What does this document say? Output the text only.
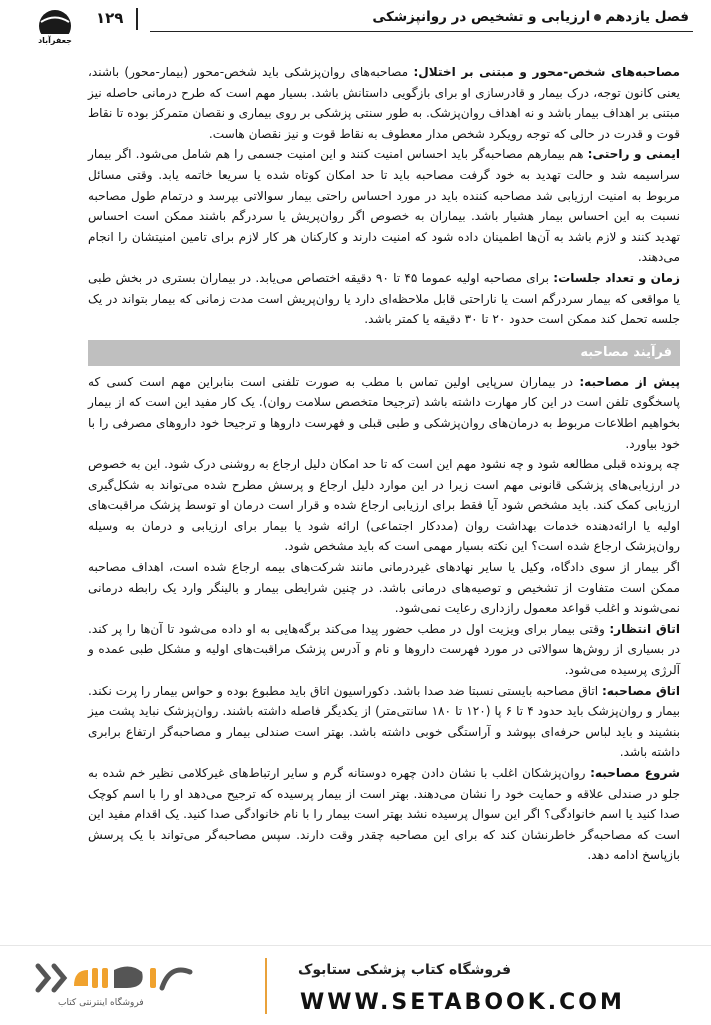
جعفرآباد
۱۲۹	فصل یازدهمارزیابی و تشخیص در روانپزشکی

مصاحبه‌های شخص-محور و مبتنی بر اختلال: مصاحبه‌های روان‌پزشکی باید شخص-محور (بیمار-محور) باشند، یعنی کانون توجه، درک بیمار و قادرسازی او برای بازگویی داستانش باشد. بسیار مهم است که طرح درمانی حاصله نیز مبتنی بر اهداف بیمار باشد و نه اهداف روان‌پزشک. به طور سنتی پزشکی بر روی بیماری و نقصان متمرکز بوده تا نقاط قوت و قدرت در حالی که توجه رویکرد شخص مدار معطوف به نقاط قوت و نیز نقصان هاست.

ایمنی و راحتی: هم بیمارهم مصاحبه‌گر باید احساس امنیت کنند و این امنیت جسمی را هم شامل می‌شود. اگر بیمار سراسیمه شد و حالت تهدید به خود گرفت مصاحبه باید تا حد امکان کوتاه شده یا سریعا خاتمه یابد. وقتی مسائل مربوط به امنیت ارزیابی شد مصاحبه کننده باید در مورد احساس راحتی بیمار سوالاتی بپرسد و درتمام طول مصاحبه نسبت به این احساس بیمار هشیار باشد. بیماران به خصوص اگر روان‌پریش یا سردرگم باشند ممکن است احساس تهدید کنند و لازم باشد به آن‌ها اطمینان داده شود که امنیت دارند و کارکنان هر کار لازم برای تامین امنیتشان را انجام می‌دهند.

زمان و تعداد جلسات: برای مصاحبه اولیه عموما ۴۵ تا ۹۰ دقیقه اختصاص می‌یابد. در بیماران بستری در بخش طبی یا مواقعی که بیمار سردرگم است یا ناراحتی قابل ملاحظه‌ای دارد یا روان‌پریش است مدت زمانی که بیمار بتواند در یک جلسه تحمل کند ممکن است حدود ۲۰ تا ۳۰ دقیقه یا کمتر باشد.

فرآیند مصاحبه

پیش از مصاحبه: در بیماران سرپایی اولین تماس با مطب به صورت تلفنی است بنابراین مهم است کسی که پاسخگوی تلفن است در این کار مهارت داشته باشد (ترجیحا متخصص سلامت روان). یک کار مفید این است که از بیمار بخواهیم اطلاعات مربوط به درمان‌های روان‌پزشکی و طبی قبلی و فهرست داروها و ترجیحا خود داروهای مصرفی را با خود بیاورد.

چه پرونده قبلی مطالعه شود و چه نشود مهم این است که تا حد امکان دلیل ارجاع به روشنی درک شود. این به خصوص در ارزیابی‌های پزشکی قانونی مهم است زیرا در این موارد دلیل ارجاع و پرسش مطرح شده می‌تواند به شکل‌گیری ارزیابی کمک کند. باید مشخص شود آیا فقط برای ارزیابی ارجاع شده و قرار است درمان او توسط پزشک مراقبت‌های اولیه یا ارائه‌دهنده خدمات بهداشت روان (مددکار اجتماعی) ارائه شود یا بیمار برای ارزیابی و درمان به وسیله روان‌پزشک ارجاع شده است؟ این نکته بسیار مهمی است که باید مشخص شود.

اگر بیمار از سوی دادگاه، وکیل یا سایر نهادهای غیردرمانی مانند شرکت‌های بیمه ارجاع شده است، اهداف مصاحبه ممکن است متفاوت از تشخیص و توصیه‌های درمانی باشد. در چنین شرایطی بیمار و بالینگر وارد یک رابطه درمانی نمی‌شوند و اغلب قواعد معمول رازداری رعایت نمی‌شود.

اتاق انتظار: وقتی بیمار برای ویزیت اول در مطب حضور پیدا می‌کند برگه‌هایی به او داده می‌شود تا آن‌ها را پر کند. در بسیاری از روش‌ها سوالاتی در مورد فهرست داروها و نام و آدرس پزشک مراقبت‌های اولیه و مشکل طبی عمده و آلرژی پرسیده می‌شود.

اتاق مصاحبه: اتاق مصاحبه بایستی نسبتا ضد صدا باشد. دکوراسیون اتاق باید مطبوع بوده و حواس بیمار را پرت نکند. بیمار و روان‌پزشک باید حدود ۴ تا ۶ پا (۱۲۰ تا ۱۸۰ سانتی‌متر) از یکدیگر فاصله داشته باشند. روان‌پزشک نباید پشت میز بنشیند و باید لباس حرفه‌ای بپوشد و آراستگی خوبی داشته باشد. بهتر است صندلی بیمار و مصاحبه‌گر ارتفاع برابری داشته باشد.

شروع مصاحبه: روان‌پزشکان اغلب با نشان دادن چهره دوستانه گرم و سایر ارتباط‌های غیرکلامی نظیر خم شده به جلو در صندلی علاقه و حمایت خود را نشان می‌دهند. بهتر است از بیمار پرسیده که ترجیح می‌دهد او را با اسم کوچک صدا کنید یا اسم خانوادگی؟ اگر این سوال پرسیده نشد بهتر است بیمار را با نام خانوادگی صدا کنید. یک اقدام مفید این است که مصاحبه‌گر خاطرنشان کند که برای این مصاحبه چقدر وقت دارند. سپس مصاحبه‌گر می‌تواند با یک پرسش باز‌پاسخ ادامه دهد.

فروشگاه اینترنتی کتاب
فروشگاه کتاب پزشکی ستابوک
WWW.SETABOOK.COM
